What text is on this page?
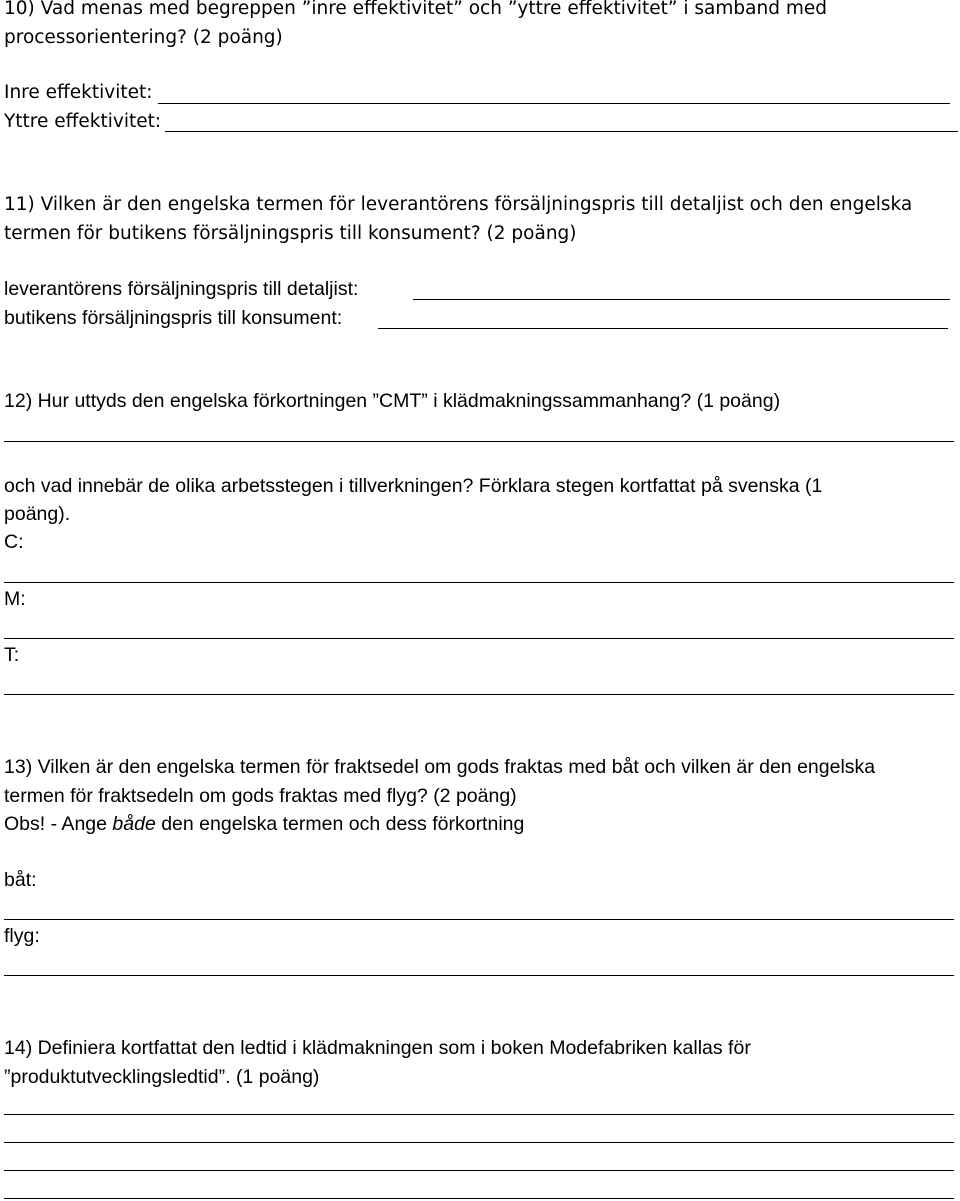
10) Vad menas med begreppen ”inre effektivitet” och ”yttre effektivitet” i samband med
processorientering? (2 poäng)
Inre effektivitet:
Yttre effektivitet:
11) Vilken är den engelska termen för leverantörens försäljningspris till detaljist och den engelska
termen för butikens försäljningspris till konsument? (2 poäng)
leverantörens försäljningspris till detaljist:
butikens försäljningspris till konsument:
12) Hur uttyds den engelska förkortningen ”CMT” i klädmakningssammanhang? (1 poäng)
och vad innebär de olika arbetsstegen i tillverkningen? Förklara stegen kortfattat på svenska (1
poäng).
C:
M:
T:
13) Vilken är den engelska termen för fraktsedel om gods fraktas med båt och vilken är den engelska
termen för fraktsedeln om gods fraktas med flyg? (2 poäng)
Obs! - Ange både den engelska termen och dess förkortning
båt:
flyg:
14) Definiera kortfattat den ledtid i klädmakningen som i boken Modefabriken kallas för
”produktutvecklingsledtid”. (1 poäng)
